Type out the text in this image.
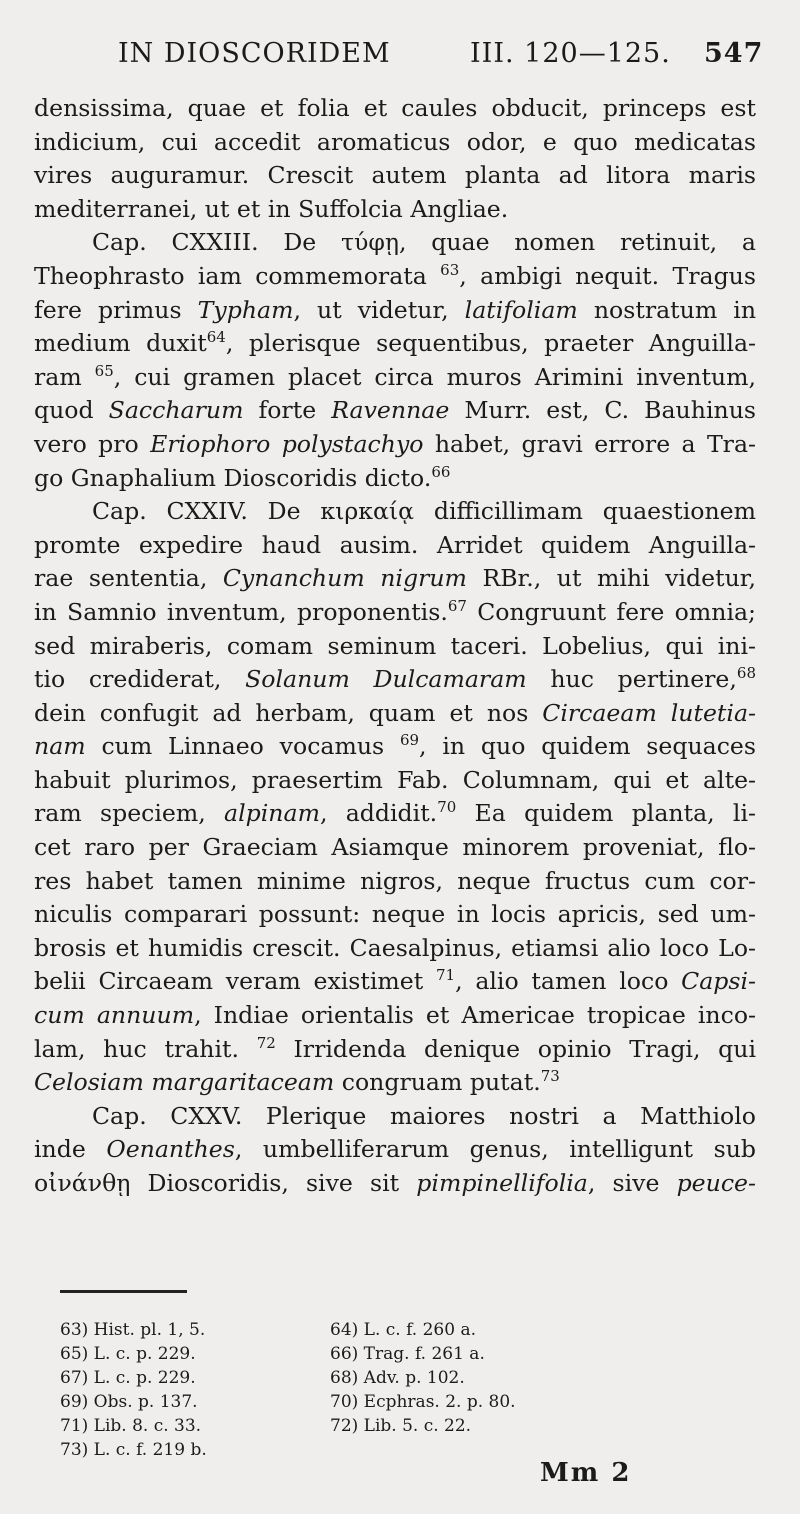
IN DIOSCORIDEM	III. 120—125. 547
densissima, quae et folia et caules obducit, princeps est
indicium, cui accedit aromaticus odor, e quo medicatas
vires auguramur. Crescit autem planta ad litora maris
mediterranei, ut et in Suffolcia Angliae.
Cap. CXXIII. De τύφῃ, quae nomen retinuit, a
Theophrasto iam commemorata $^{63}$, ambigi nequit. Tragus
fere primus Typham, ut videtur, latifoliam nostratum in
medium duxit$^{64}$, plerisque sequentibus, praeter Anguilla-
ram $^{65}$, cui gramen placet circa muros Arimini inventum,
quod Saccharum forte Ravennae Murr. est, C. Bauhinus
vero pro Eriophoro polystachyo habet, gravi errore a Tra-
go Gnaphalium Dioscoridis dicto.$^{66}$
Cap. CXXIV. De κιρκαίᾳ difficillimam quaestionem
promte expedire haud ausim. Arridet quidem Anguilla-
rae sententia, Cynanchum nigrum RBr., ut mihi videtur,
in Samnio inventum, proponentis.$^{67}$ Congruunt fere omnia;
sed miraberis, comam seminum taceri. Lobelius, qui ini-
tio crediderat, Solanum Dulcamaram huc pertinere,$^{68}$
dein confugit ad herbam, quam et nos Circaeam lutetia-
nam cum Linnaeo vocamus $^{69}$, in quo quidem sequaces
habuit plurimos, praesertim Fab. Columnam, qui et alte-
ram speciem, alpinam, addidit.$^{70}$ Ea quidem planta, li-
cet raro per Graeciam Asiamque minorem proveniat, flo-
res habet tamen minime nigros, neque fructus cum cor-
niculis comparari possunt: neque in locis apricis, sed um-
brosis et humidis crescit. Caesalpinus, etiamsi alio loco Lo-
belii Circaeam veram existimet $^{71}$, alio tamen loco Capsi-
cum annuum, Indiae orientalis et Americae tropicae inco-
lam, huc trahit. $^{72}$ Irridenda denique opinio Tragi, qui
Celosiam margaritaceam congruam putat.$^{73}$
Cap. CXXV. Plerique maiores nostri a Matthiolo
inde Oenanthes, umbelliferarum genus, intelligunt sub
οἰνάνθῃ Dioscoridis, sive sit pimpinellifolia, sive peuce-
63) Hist. pl. 1, 5.	64) L. c. f. 260 a.
65) L. c. p. 229.	66) Trag. f. 261 a.
67) L. c. p. 229.	68) Adv. p. 102.
69) Obs. p. 137.	70) Ecphras. 2. p. 80.
71) Lib. 8. c. 33.	72) Lib. 5. c. 22.
73) L. c. f. 219 b.
Mm 2
